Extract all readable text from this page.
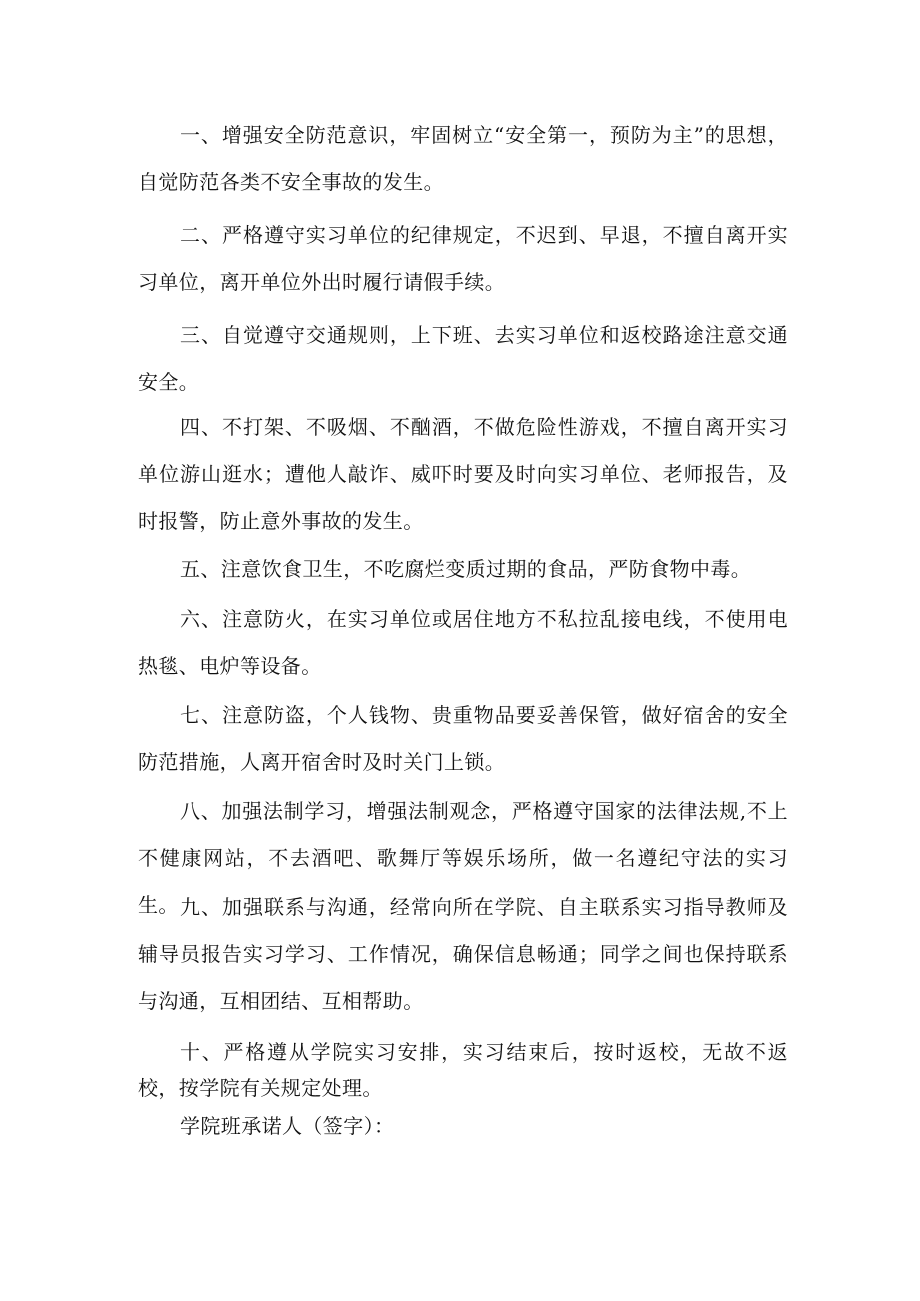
一、增强安全防范意识，牢固树立“安全第一，预防为主”的思想，自觉防范各类不安全事故的发生。

二、严格遵守实习单位的纪律规定，不迟到、早退，不擅自离开实习单位，离开单位外出时履行请假手续。

三、自觉遵守交通规则，上下班、去实习单位和返校路途注意交通安全。

四、不打架、不吸烟、不酗酒，不做危险性游戏，不擅自离开实习单位游山逛水；遭他人敲诈、威吓时要及时向实习单位、老师报告，及时报警，防止意外事故的发生。

五、注意饮食卫生，不吃腐烂变质过期的食品，严防食物中毒。

六、注意防火，在实习单位或居住地方不私拉乱接电线，不使用电热毯、电炉等设备。

七、注意防盗，个人钱物、贵重物品要妥善保管，做好宿舍的安全防范措施，人离开宿舍时及时关门上锁。

八、加强法制学习，增强法制观念，严格遵守国家的法律法规,不上不健康网站，不去酒吧、歌舞厅等娱乐场所，做一名遵纪守法的实习生。 九、加强联系与沟通，经常向所在学院、自主联系实习指导教师及辅导员报告实习学习、工作情况，确保信息畅通；同学之间也保持联系与沟通，互相团结、互相帮助。

十、严格遵从学院实习安排，实习结束后，按时返校，无故不返校，按学院有关规定处理。

学院班承诺人（签字）：
